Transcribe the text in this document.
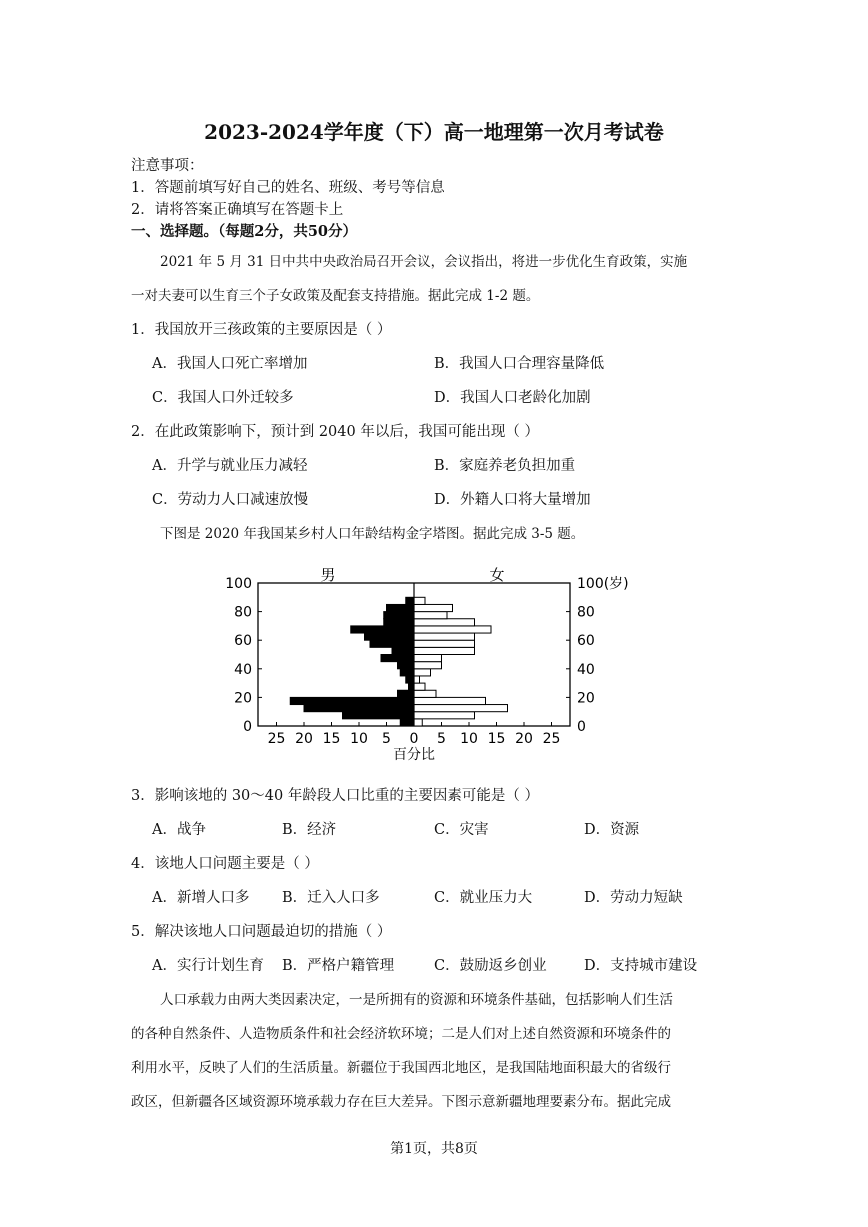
2023-2024学年度（下）高一地理第一次月考试卷
注意事项：
1．答题前填写好自己的姓名、班级、考号等信息
2．请将答案正确填写在答题卡上
一、选择题。（每题2分，共50分）
2021 年 5 月 31 日中共中央政治局召开会议，会议指出，将进一步优化生育政策，实施
一对夫妻可以生育三个子女政策及配套支持措施。据此完成 1-2 题。
1．我国放开三孩政策的主要原因是（ ）
A．我国人口死亡率增加	B．我国人口合理容量降低
C．我国人口外迁较多	D．我国人口老龄化加剧
2．在此政策影响下，预计到 2040 年以后，我国可能出现（ ）
A．升学与就业压力减轻	B．家庭养老负担加重
C．劳动力人口减速放慢	D．外籍人口将大量增加
下图是 2020 年我国某乡村人口年龄结构金字塔图。据此完成 3-5 题。
0
20
40
60
80
100
0
20
40
60
80
100(岁)
25 20 15 10 5 0 5 10 15 20 25
百分比
男	女
3．影响该地的 30～40 年龄段人口比重的主要因素可能是（ ）
A．战争	B．经济	C．灾害	D．资源
4．该地人口问题主要是（ ）
A．新增人口多 B．迁入人口多	C．就业压力大	D．劳动力短缺
5．解决该地人口问题最迫切的措施（ ）
A．实行计划生育 B．严格户籍管理	C．鼓励返乡创业	D．支持城市建设
人口承载力由两大类因素决定，一是所拥有的资源和环境条件基础，包括影响人们生活
的各种自然条件、人造物质条件和社会经济软环境；二是人们对上述自然资源和环境条件的
利用水平，反映了人们的生活质量。新疆位于我国西北地区，是我国陆地面积最大的省级行
政区，但新疆各区域资源环境承载力存在巨大差异。下图示意新疆地理要素分布。据此完成
第1页，共8页
